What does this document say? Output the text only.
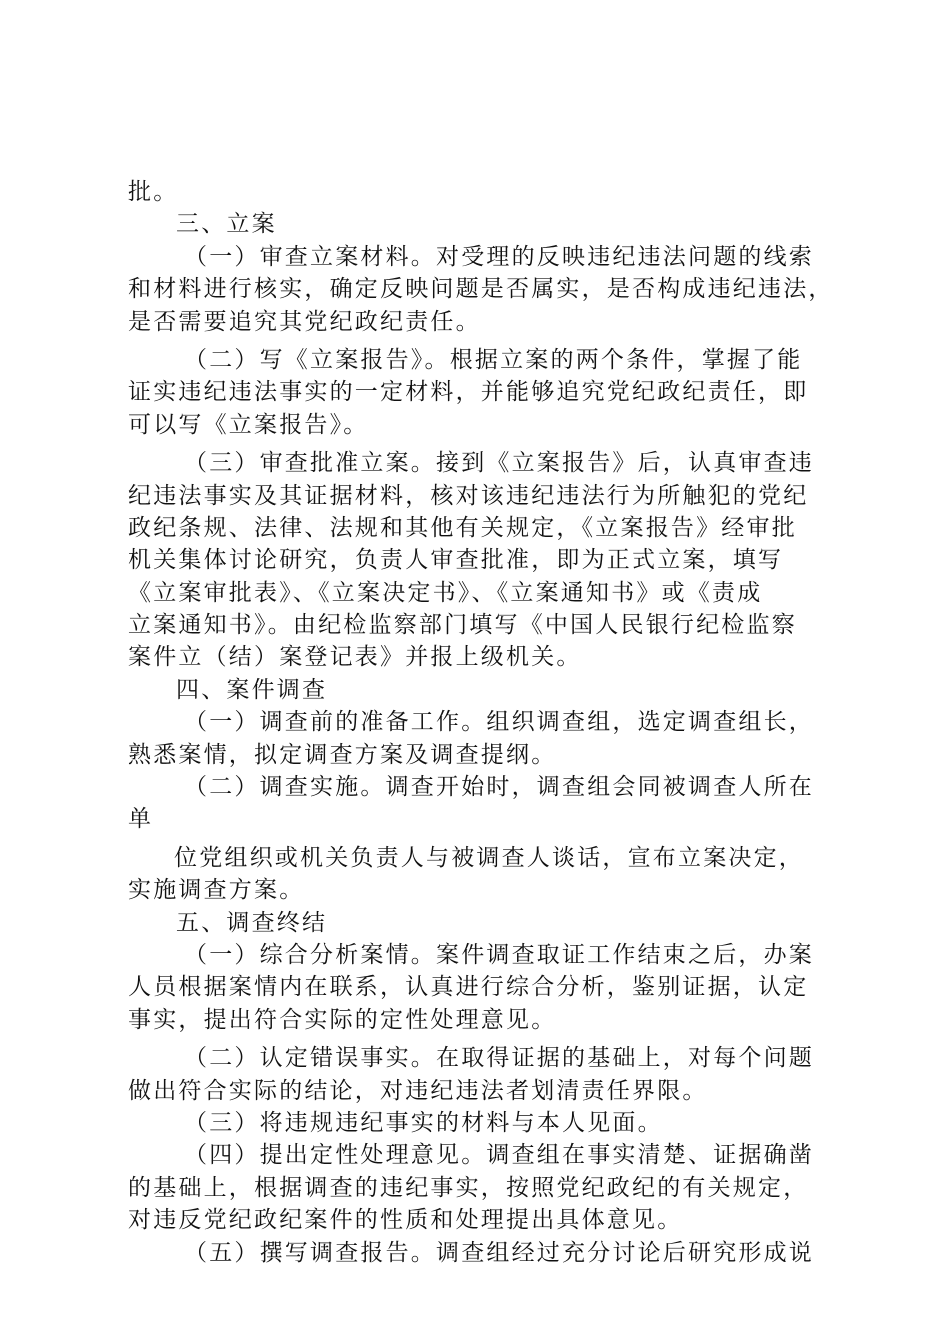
批。
三、立案
（一）审查立案材料。对受理的反映违纪违法问题的线索
和材料进行核实，确定反映问题是否属实，是否构成违纪违法，
是否需要追究其党纪政纪责任。
（二）写《立案报告》。根据立案的两个条件，掌握了能
证实违纪违法事实的一定材料，并能够追究党纪政纪责任，即
可以写《立案报告》。
（三）审查批准立案。接到《立案报告》后，认真审查违
纪违法事实及其证据材料，核对该违纪违法行为所触犯的党纪
政纪条规、法律、法规和其他有关规定，《立案报告》经审批
机关集体讨论研究，负责人审查批准，即为正式立案，填写
《立案审批表》、《立案决定书》、《立案通知书》或《责成
立案通知书》。由纪检监察部门填写《中国人民银行纪检监察
案件立（结）案登记表》并报上级机关。
四、案件调查
（一）调查前的准备工作。组织调查组，选定调查组长，
熟悉案情，拟定调查方案及调查提纲。
（二）调查实施。调查开始时，调查组会同被调查人所在
单
位党组织或机关负责人与被调查人谈话，宣布立案决定，
实施调查方案。
五、调查终结
（一）综合分析案情。案件调查取证工作结束之后，办案
人员根据案情内在联系，认真进行综合分析，鉴别证据，认定
事实，提出符合实际的定性处理意见。
（二）认定错误事实。在取得证据的基础上，对每个问题
做出符合实际的结论，对违纪违法者划清责任界限。
（三）将违规违纪事实的材料与本人见面。
（四）提出定性处理意见。调查组在事实清楚、证据确凿
的基础上，根据调查的违纪事实，按照党纪政纪的有关规定，
对违反党纪政纪案件的性质和处理提出具体意见。
（五）撰写调查报告。调查组经过充分讨论后研究形成说
